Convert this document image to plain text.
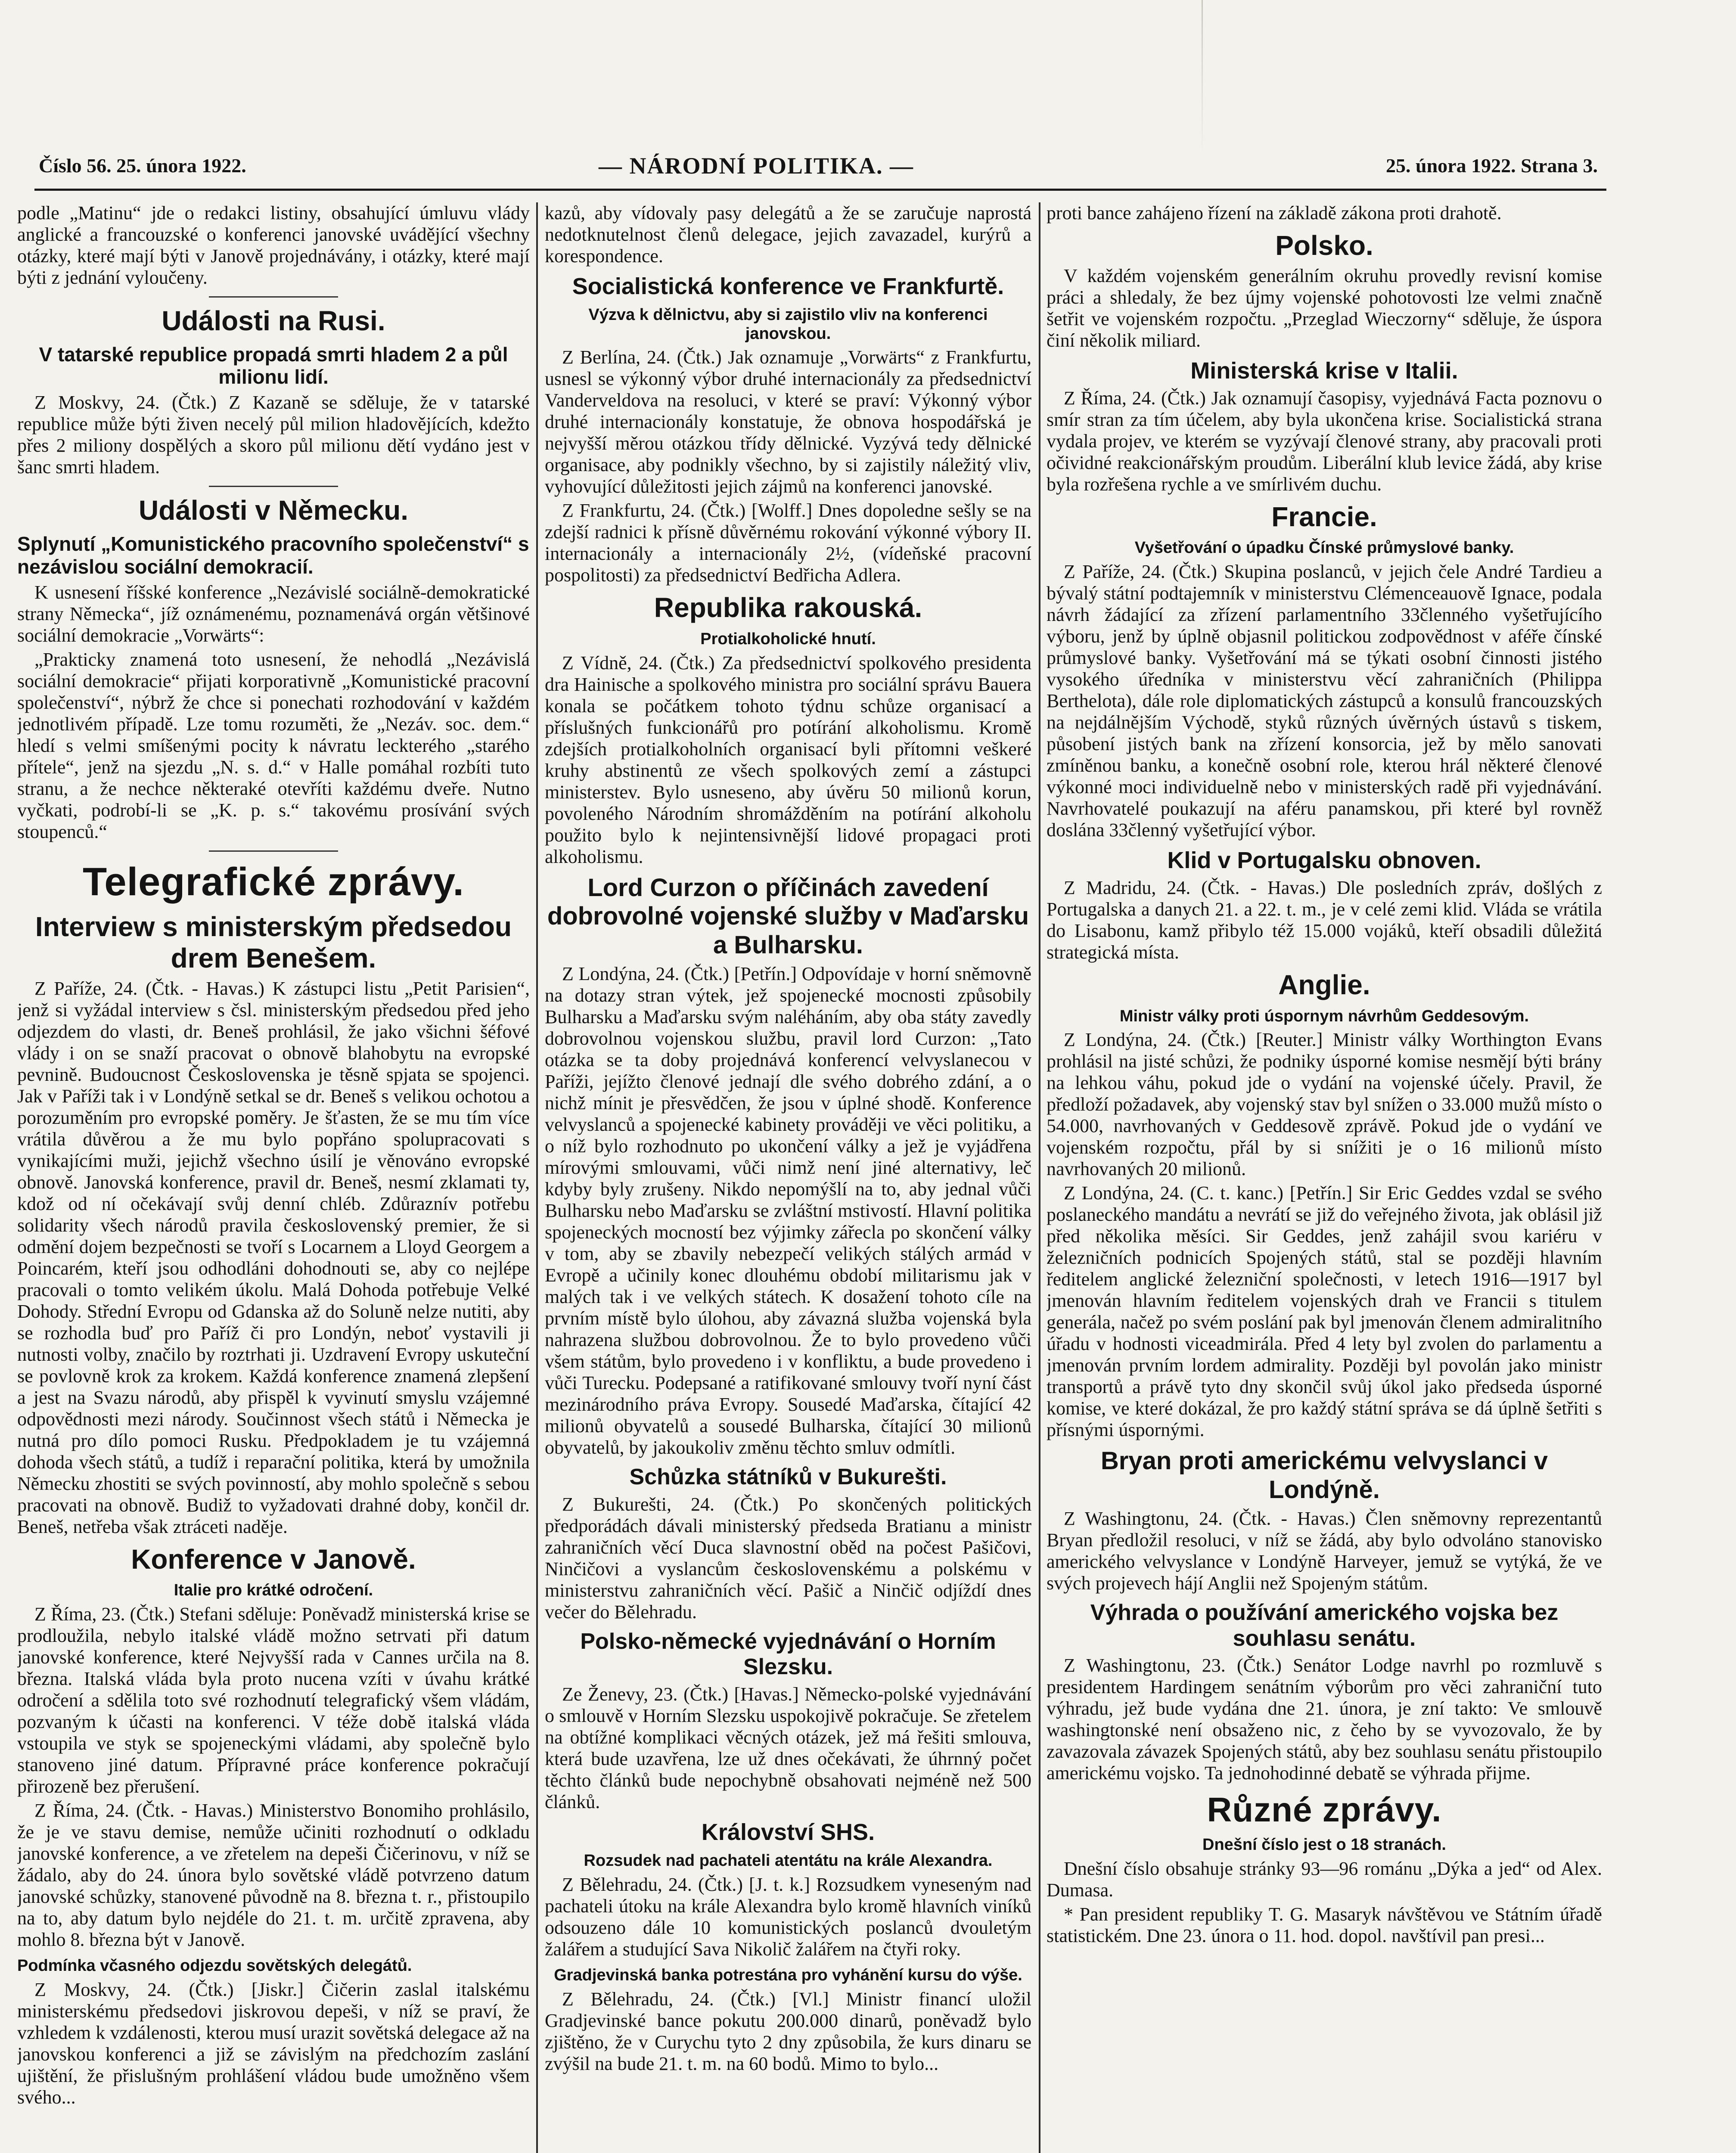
Číslo 56. 25. února 1922.	— NÁRODNÍ POLITIKA. —	25. února 1922. Strana 3.

podle „Matinu“ jde o redakci listiny, obsahující úmluvu vlády anglické a francouzské o konferenci janovské uvádějící všechny otázky, které mají býti v Janově projednávány, i otázky, které mají býti z jednání vyloučeny.

Události na Rusi.
V tatarské republice propadá smrti hladem 2 a půl milionu lidí.

Z Moskvy, 24. (Čtk.) Z Kazaně se sděluje, že v tatarské republice může býti živen necelý půl milion hladovějících, kdežto přes 2 miliony dospělých a skoro půl milionu dětí vydáno jest v šanc smrti hladem.

Události v Německu.
Splynutí „Komunistického pracovního společenství“ s nezávislou sociální demokracií.

K usnesení říšské konference „Nezávislé sociálně-demokratické strany Německa“, jíž oznámenému, poznamenává orgán většinové sociální demokracie „Vorwärts“:

„Prakticky znamená toto usnesení, že nehodlá „Nezávislá sociální demokracie“ přijati korporativně „Komunistické pracovní společenství“, nýbrž že chce si ponechati rozhodování v každém jednotlivém případě. Lze tomu rozuměti, že „Nezáv. soc. dem.“ hledí s velmi smíšenými pocity k návratu leckterého „starého přítele“, jenž na sjezdu „N. s. d.“ v Halle pomáhal rozbíti tuto stranu, a že nechce některaké otevříti každému dveře. Nutno vyčkati, podrobí-li se „K. p. s.“ takovému prosívání svých stoupenců.“

Telegrafické zprávy.
Interview s ministerským předsedou drem Benešem.

Z Paříže, 24. (Čtk. - Havas.) K zástupci listu „Petit Parisien“, jenž si vyžádal interview s čsl. ministerským předsedou před jeho odjezdem do vlasti, dr. Beneš prohlásil, že jako všichni šéfové vlády i on se snaží pracovat o obnově blahobytu na evropské pevnině. Budoucnost Československa je těsně spjata se spojenci. Jak v Paříži tak i v Londýně setkal se dr. Beneš s velikou ochotou a porozuměním pro evropské poměry. Je šťasten, že se mu tím více vrátila důvěrou a že mu bylo popřáno spolupracovati s vynikajícími muži, jejichž všechno úsilí je věnováno evropské obnově. Janovská konference, pravil dr. Beneš, nesmí zklamati ty, kdož od ní očekávají svůj denní chléb. Zdůraznív potřebu solidarity všech národů pravila československý premier, že si odmění dojem bezpečnosti se tvoří s Locarnem a Lloyd Georgem a Poincarém, kteří jsou odhodláni dohodnouti se, aby co nejlépe pracovali o tomto velikém úkolu. Malá Dohoda potřebuje Velké Dohody. Střední Evropu od Gdanska až do Soluně nelze nutiti, aby se rozhodla buď pro Paříž či pro Londýn, neboť vystavili ji nutnosti volby, značilo by roztrhati ji. Uzdravení Evropy uskuteční se povlovně krok za krokem. Každá konference znamená zlepšení a jest na Svazu národů, aby přispěl k vyvinutí smyslu vzájemné odpovědnosti mezi národy. Součinnost všech států i Německa je nutná pro dílo pomoci Rusku. Předpokladem je tu vzájemná dohoda všech států, a tudíž i reparační politika, která by umožnila Německu zhostiti se svých povinností, aby mohlo společně s sebou pracovati na obnově. Budiž to vyžadovati drahné doby, končil dr. Beneš, netřeba však ztráceti naděje.

Konference v Janově.
Italie pro krátké odročení.

Z Říma, 23. (Čtk.) Stefani sděluje: Poněvadž ministerská krise se prodloužila, nebylo italské vládě možno setrvati při datum janovské konference, které Nejvyšší rada v Cannes určila na 8. března. Italská vláda byla proto nucena vzíti v úvahu krátké odročení a sdělila toto své rozhodnutí telegrafický všem vládám, pozvaným k účasti na konferenci. V téže době italská vláda vstoupila ve styk se spojeneckými vládami, aby společně bylo stanoveno jiné datum. Přípravné práce konference pokračují přirozeně bez přerušení.

Z Říma, 24. (Čtk. - Havas.) Ministerstvo Bonomiho prohlásilo, že je ve stavu demise, nemůže učiniti rozhodnutí o odkladu janovské konference, a ve zřetelem na depeši Čičerinovu, v níž se žádalo, aby do 24. února bylo sovětské vládě potvrzeno datum janovské schůzky, stanovené původně na 8. března t. r., přistoupilo na to, aby datum bylo nejdéle do 21. t. m. určitě zpravena, aby mohlo 8. března být v Janově.

Podmínka včasného odjezdu sovětských delegátů.

Z Moskvy, 24. (Čtk.) [Jiskr.] Čičerin zaslal italskému ministerskému předsedovi jiskrovou depeši, v níž se praví, že vzhledem k vzdálenosti, kterou musí urazit sovětská delegace až na janovskou konferenci a již se závislým na předchozím zaslání ujištění, že přislušným prohlášení vládou bude umožněno všem svého...

kazů, aby vídovaly pasy delegátů a že se zaručuje naprostá nedotknutelnost členů delegace, jejich zavazadel, kurýrů a korespondence.

Socialistická konference ve Frankfurtě.
Výzva k dělnictvu, aby si zajistilo vliv na konferenci janovskou.

Z Berlína, 24. (Čtk.) Jak oznamuje „Vorwärts“ z Frankfurtu, usnesl se výkonný výbor druhé internacionály za předsednictví Vanderveldova na resoluci, v které se praví: Výkonný výbor druhé internacionály konstatuje, že obnova hospodářská je nejvyšší měrou otázkou třídy dělnické. Vyzývá tedy dělnické organisace, aby podnikly všechno, by si zajistily náležitý vliv, vyhovující důležitosti jejich zájmů na konferenci janovské.

Z Frankfurtu, 24. (Čtk.) [Wolff.] Dnes dopoledne sešly se na zdejší radnici k přísně důvěrnému rokování výkonné výbory II. internacionály a internacionály 2½, (vídeňské pracovní pospolitosti) za předsednictví Bedřicha Adlera.

Republika rakouská.
Protialkoholické hnutí.

Z Vídně, 24. (Čtk.) Za předsednictví spolkového presidenta dra Hainische a spolkového ministra pro sociální správu Bauera konala se počátkem tohoto týdnu schůze organisací a příslušných funkcionářů pro potírání alkoholismu. Kromě zdejších protialkoholních organisací byli přítomni veškeré kruhy abstinentů ze všech spolkových zemí a zástupci ministerstev. Bylo usneseno, aby úvěru 50 milionů korun, povoleného Národním shromážděním na potírání alkoholu použito bylo k nejintensivnější lidové propagaci proti alkoholismu.

Lord Curzon o příčinách zavedení dobrovolné vojenské služby v Maďarsku a Bulharsku.

Z Londýna, 24. (Čtk.) [Petřín.] Odpovídaje v horní sněmovně na dotazy stran výtek, jež spojenecké mocnosti způsobily Bulharsku a Maďarsku svým naléháním, aby oba státy zavedly dobrovolnou vojenskou službu, pravil lord Curzon: „Tato otázka se ta doby projednává konferencí velvyslanecou v Paříži, jejížto členové jednají dle svého dobrého zdání, a o nichž mínit je přesvědčen, že jsou v úplné shodě. Konference velvyslanců a spojenecké kabinety prováději ve věci politiku, a o níž bylo rozhodnuto po ukončení války a jež je vyjádřena mírovými smlouvami, vůči nimž není jiné alternativy, leč kdyby byly zrušeny. Nikdo nepomýšlí na to, aby jednal vůči Bulharsku nebo Maďarsku se zvláštní mstivostí. Hlavní politika spojeneckých mocností bez výjimky zářecla po skončení války v tom, aby se zbavily nebezpečí velikých stálých armád v Evropě a učinily konec dlouhému období militarismu jak v malých tak i ve velkých státech. K dosažení tohoto cíle na prvním místě bylo úlohou, aby závazná služba vojenská byla nahrazena službou dobrovolnou. Že to bylo provedeno vůči všem státům, bylo provedeno i v konfliktu, a bude provedeno i vůči Turecku. Podepsané a ratifikované smlouvy tvoří nyní část mezinárodního práva Evropy. Sousedé Maďarska, čítající 42 milionů obyvatelů a sousedé Bulharska, čítající 30 milionů obyvatelů, by jakoukoliv změnu těchto smluv odmítli.

Schůzka státníků v Bukurešti.

Z Bukurešti, 24. (Čtk.) Po skončených politických předporádách dávali ministerský předseda Bratianu a ministr zahraničních věcí Duca slavnostní oběd na počest Pašičovi, Ninčičovi a vyslancům československému a polskému v ministerstvu zahraničních věcí. Pašič a Ninčič odjíždí dnes večer do Bělehradu.

Polsko-německé vyjednávání o Horním Slezsku.

Ze Ženevy, 23. (Čtk.) [Havas.] Německo-polské vyjednávání o smlouvě v Horním Slezsku uspokojivě pokračuje. Se zřetelem na obtížné komplikaci věcných otázek, jež má řešiti smlouva, která bude uzavřena, lze už dnes očekávati, že úhrnný počet těchto článků bude nepochybně obsahovati nejméně než 500 článků.

Království SHS.
Rozsudek nad pachateli atentátu na krále Alexandra.

Z Bělehradu, 24. (Čtk.) [J. t. k.] Rozsudkem vyneseným nad pachateli útoku na krále Alexandra bylo kromě hlavních viníků odsouzeno dále 10 komunistických poslanců dvouletým žalářem a studující Sava Nikolič žalářem na čtyři roky.

Gradjevinská banka potrestána pro vyhánění kursu do výše.

Z Bělehradu, 24. (Čtk.) [Vl.] Ministr financí uložil Gradjevinské bance pokutu 200.000 dinarů, poněvadž bylo zjištěno, že v Curychu tyto 2 dny způsobila, že kurs dinaru se zvýšil na bude 21. t. m. na 60 bodů. Mimo to bylo...

proti bance zahájeno řízení na základě zákona proti drahotě.

Polsko.

V každém vojenském generálním okruhu provedly revisní komise práci a shledaly, že bez újmy vojenské pohotovosti lze velmi značně šetřit ve vojenském rozpočtu. „Przeglad Wieczorny“ sděluje, že úspora činí několik miliard.

Ministerská krise v Italii.

Z Říma, 24. (Čtk.) Jak oznamují časopisy, vyjednává Facta poznovu o smír stran za tím účelem, aby byla ukončena krise. Socialistická strana vydala projev, ve kterém se vyzývají členové strany, aby pracovali proti očividné reakcionářským proudům. Liberální klub levice žádá, aby krise byla rozřešena rychle a ve smírlivém duchu.

Francie.
Vyšetřování o úpadku Čínské průmyslové banky.

Z Paříže, 24. (Čtk.) Skupina poslanců, v jejich čele André Tardieu a bývalý státní podtajemník v ministerstvu Clémenceauově Ignace, podala návrh žádající za zřízení parlamentního 33členného vyšetřujícího výboru, jenž by úplně objasnil politickou zodpovědnost v aféře čínské průmyslové banky. Vyšetřování má se týkati osobní činnosti jistého vysokého úředníka v ministerstvu věcí zahraničních (Philippa Berthelota), dále role diplomatických zástupců a konsulů francouzských na nejdálnějším Východě, styků různých úvěrných ústavů s tiskem, působení jistých bank na zřízení konsorcia, jež by mělo sanovati zmíněnou banku, a konečně osobní role, kterou hrál některé členové výkonné moci individuelně nebo v ministerských radě při vyjednávání. Navrhovatelé poukazují na aféru panamskou, při které byl rovněž doslána 33členný vyšetřující výbor.

Klid v Portugalsku obnoven.

Z Madridu, 24. (Čtk. - Havas.) Dle posledních zpráv, došlých z Portugalska a danych 21. a 22. t. m., je v celé zemi klid. Vláda se vrátila do Lisabonu, kamž přibylo též 15.000 vojáků, kteří obsadili důležitá strategická místa.

Anglie.
Ministr války proti úspornym návrhům Geddesovým.

Z Londýna, 24. (Čtk.) [Reuter.] Ministr války Worthington Evans prohlásil na jisté schůzi, že podniky úsporné komise nesmějí býti brány na lehkou váhu, pokud jde o vydání na vojenské účely. Pravil, že předloží požadavek, aby vojenský stav byl snížen o 33.000 mužů místo o 54.000, navrhovaných v Geddesově zprávě. Pokud jde o vydání ve vojenském rozpočtu, přál by si snížiti je o 16 milionů místo navrhovaných 20 milionů.

Z Londýna, 24. (C. t. kanc.) [Petřín.] Sir Eric Geddes vzdal se svého poslaneckého mandátu a nevrátí se již do veřejného života, jak oblásil již před několika měsíci. Sir Geddes, jenž zahájil svou kariéru v železničních podnicích Spojených států, stal se později hlavním ředitelem anglické železniční společnosti, v letech 1916—1917 byl jmenován hlavním ředitelem vojenských drah ve Francii s titulem generála, načež po svém poslání pak byl jmenován členem admiralitního úřadu v hodnosti viceadmirála. Před 4 lety byl zvolen do parlamentu a jmenován prvním lordem admirality. Později byl povolán jako ministr transportů a právě tyto dny skončil svůj úkol jako předseda úsporné komise, ve které dokázal, že pro každý státní správa se dá úplně šetřiti s přísnými úspornými.

Bryan proti americkému velvyslanci v Londýně.

Z Washingtonu, 24. (Čtk. - Havas.) Člen sněmovny reprezentantů Bryan předložil resoluci, v níž se žádá, aby bylo odvoláno stanovisko amerického velvyslance v Londýně Harveyer, jemuž se vytýká, že ve svých projevech hájí Anglii než Spojeným státům.

Výhrada o používání amerického vojska bez souhlasu senátu.

Z Washingtonu, 23. (Čtk.) Senátor Lodge navrhl po rozmluvě s presidentem Hardingem senátním výborům pro věci zahraniční tuto výhradu, jež bude vydána dne 21. února, je zní takto: Ve smlouvě washingtonské není obsaženo nic, z čeho by se vyvozovalo, že by zavazovala závazek Spojených států, aby bez souhlasu senátu přistoupilo americkému vojsko. Ta jednohodinné debatě se výhrada přijme.

Různé zprávy.
Dnešní číslo jest o 18 stranách.

Dnešní číslo obsahuje stránky 93—96 románu „Dýka a jed“ od Alex. Dumasa.

* Pan president republiky T. G. Masaryk návštěvou ve Státním úřadě statistickém. Dne 23. února o 11. hod. dopol. navštívil pan presi...
